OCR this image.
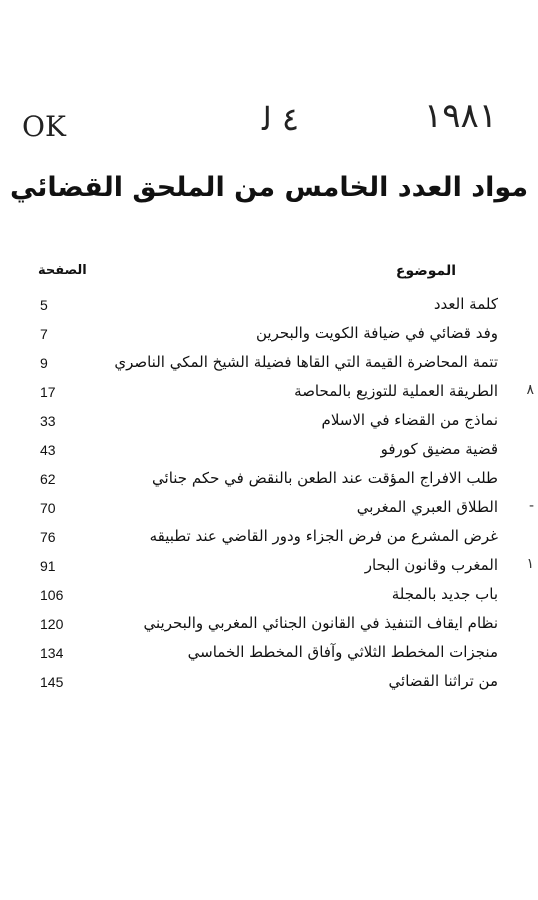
١٩٨١
٤ ﻟ
OK
مواد العدد الخامس من الملحق القضائي
الموضوع
الصفحة
5	كلمة العدد
7	وفد قضائي في ضيافة الكويت والبحرين
9	تتمة المحاضرة القيمة التي القاها فضيلة الشيخ المكي الناصري
17	الطريقة العملية للتوزيع بالمحاصة ٨
33	نماذج من القضاء في الاسلام
43	قضية مضيق كورفو
62	طلب الافراج المؤقت عند الطعن بالنقض في حكم جنائي
70	الطلاق العبري المغربي -
76	غرض المشرع من فرض الجزاء ودور القاضي عند تطبيقه
91	المغرب وقانون البحار ١
106	باب جديد بالمجلة
120	نظام ايقاف التنفيذ في القانون الجنائي المغربي والبحريني
134	منجزات المخطط الثلاثي وآفاق المخطط الخماسي
145	من تراثنا القضائي
